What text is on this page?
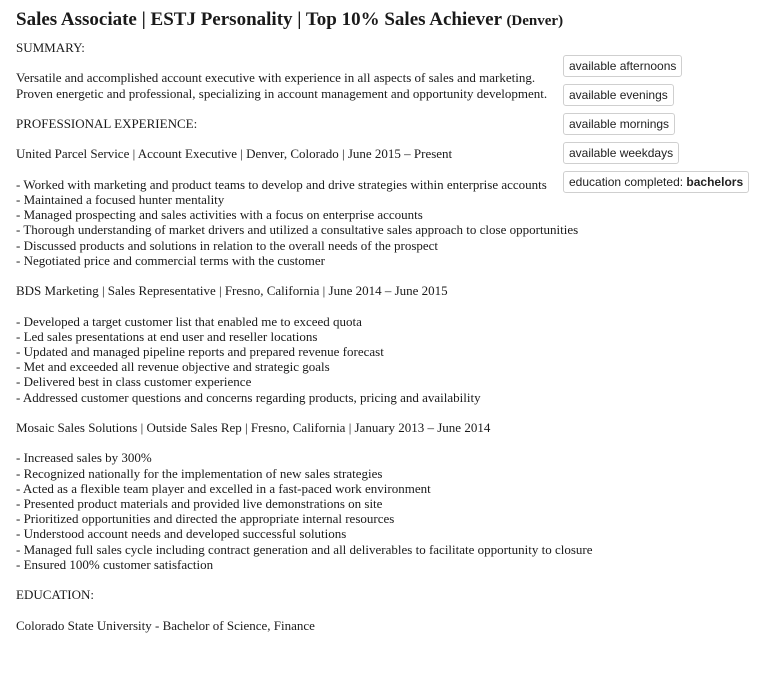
Sales Associate | ESTJ Personality | Top 10% Sales Achiever (Denver)

SUMMARY:

Versatile and accomplished account executive with experience in all aspects of sales and marketing. Proven energetic and professional, specializing in account management and opportunity development.

PROFESSIONAL EXPERIENCE:

United Parcel Service | Account Executive | Denver, Colorado | June 2015 – Present

- Worked with marketing and product teams to develop and drive strategies within enterprise accounts
- Maintained a focused hunter mentality
- Managed prospecting and sales activities with a focus on enterprise accounts
- Thorough understanding of market drivers and utilized a consultative sales approach to close opportunities
- Discussed products and solutions in relation to the overall needs of the prospect
- Negotiated price and commercial terms with the customer

BDS Marketing | Sales Representative | Fresno, California | June 2014 – June 2015

- Developed a target customer list that enabled me to exceed quota
- Led sales presentations at end user and reseller locations
- Updated and managed pipeline reports and prepared revenue forecast
- Met and exceeded all revenue objective and strategic goals
- Delivered best in class customer experience
- Addressed customer questions and concerns regarding products, pricing and availability

Mosaic Sales Solutions | Outside Sales Rep | Fresno, California | January 2013 – June 2014

- Increased sales by 300%
- Recognized nationally for the implementation of new sales strategies
- Acted as a flexible team player and excelled in a fast-paced work environment
- Presented product materials and provided live demonstrations on site
- Prioritized opportunities and directed the appropriate internal resources
- Understood account needs and developed successful solutions
- Managed full sales cycle including contract generation and all deliverables to facilitate opportunity to closure
- Ensured 100% customer satisfaction

EDUCATION:

Colorado State University - Bachelor of Science, Finance

available afternoons
available evenings
available mornings
available weekdays
education completed: bachelors
